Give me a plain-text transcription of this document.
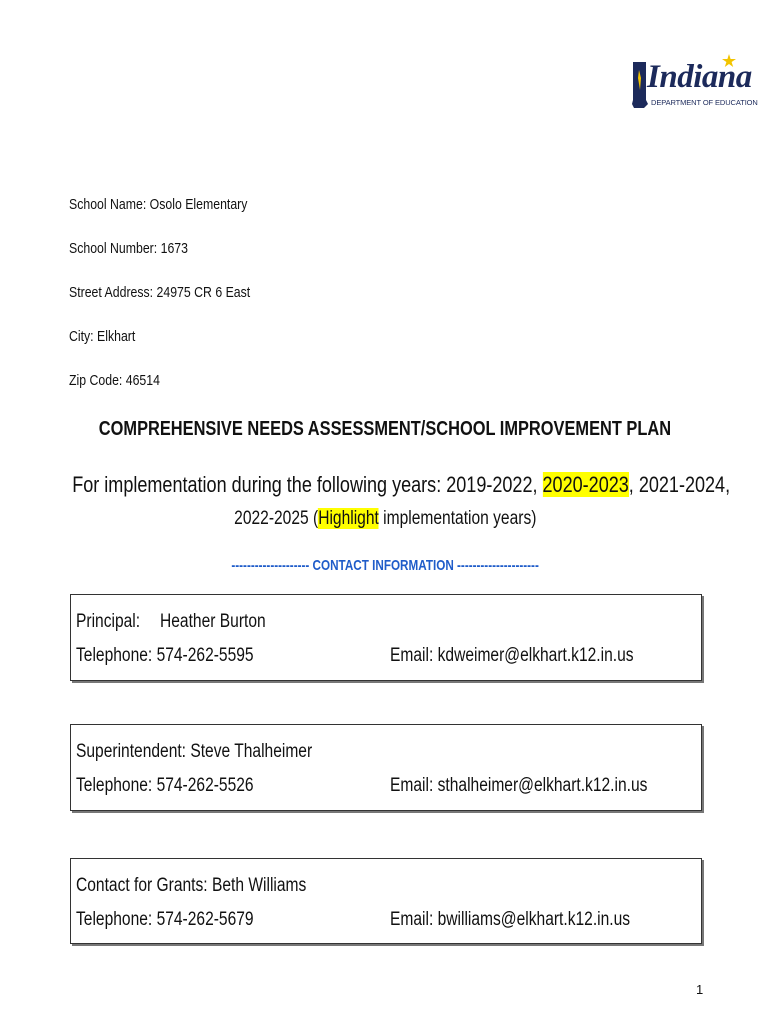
Indiana
DEPARTMENT OF EDUCATION
School Name: Osolo Elementary
School Number: 1673
Street Address: 24975 CR 6 East
City: Elkhart
Zip Code: 46514
COMPREHENSIVE NEEDS ASSESSMENT/SCHOOL IMPROVEMENT PLAN
For implementation during the following years: 2019-2022, 2020-2023, 2021-2024,
2022-2025 (Highlight implementation years)
-------------------- CONTACT INFORMATION ---------------------
Principal: Heather Burton
Telephone: 574-262-5595	Email: kdweimer@elkhart.k12.in.us
Superintendent: Steve Thalheimer
Telephone: 574-262-5526	Email: sthalheimer@elkhart.k12.in.us
Contact for Grants: Beth Williams
Telephone: 574-262-5679	Email: bwilliams@elkhart.k12.in.us
1
